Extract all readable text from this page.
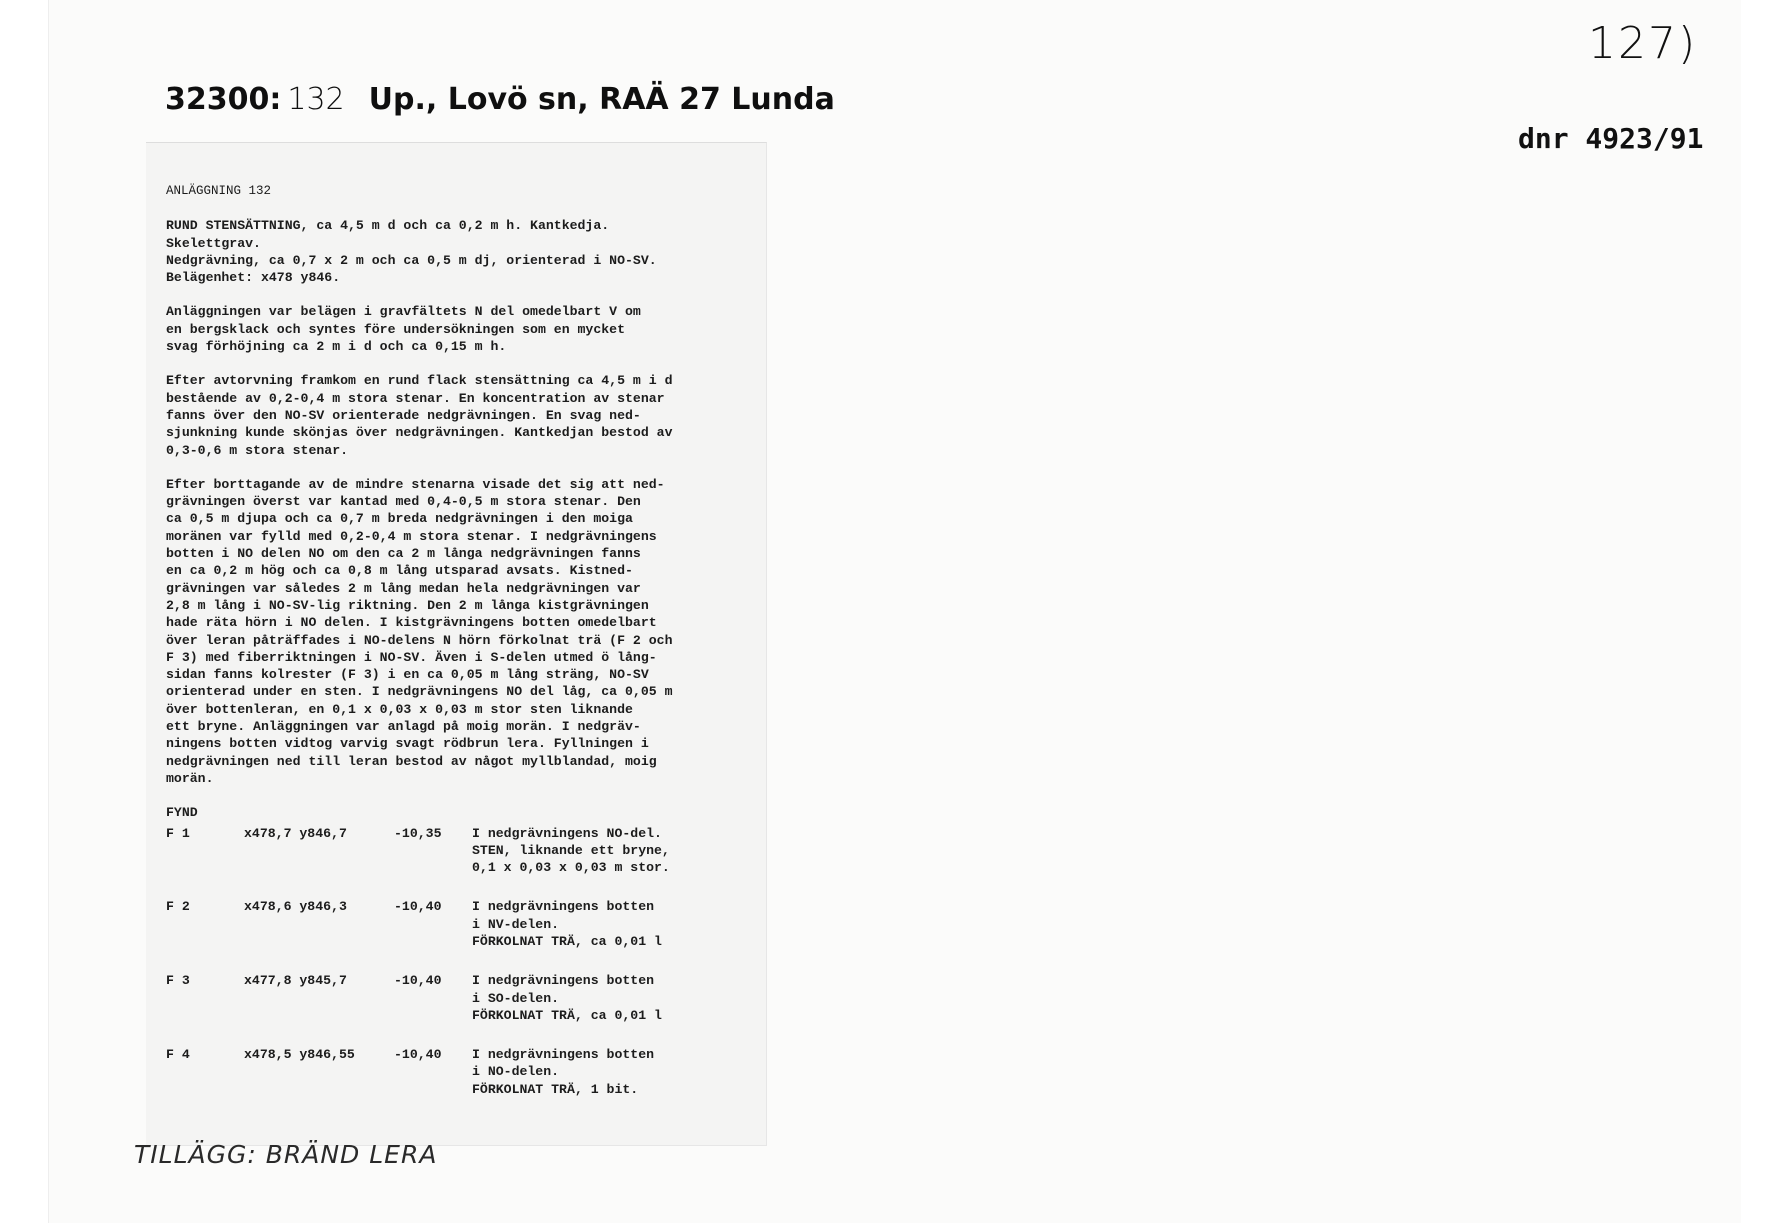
127)
32300: 132 Up., Lovö sn, RAÄ 27 Lunda
dnr 4923/91

ANLÄGGNING 132

RUND STENSÄTTNING, ca 4,5 m d och ca 0,2 m h. Kantkedja.
Skelettgrav.
Nedgrävning, ca 0,7 x 2 m och ca 0,5 m dj, orienterad i NO-SV.
Belägenhet: x478 y846.

Anläggningen var belägen i gravfältets N del omedelbart V om
en bergsklack och syntes före undersökningen som en mycket
svag förhöjning ca 2 m i d och ca 0,15 m h.

Efter avtorvning framkom en rund flack stensättning ca 4,5 m i d
bestående av 0,2-0,4 m stora stenar. En koncentration av stenar
fanns över den NO-SV orienterade nedgrävningen. En svag ned-
sjunkning kunde skönjas över nedgrävningen. Kantkedjan bestod av
0,3-0,6 m stora stenar.

Efter borttagande av de mindre stenarna visade det sig att ned-
grävningen överst var kantad med 0,4-0,5 m stora stenar. Den
ca 0,5 m djupa och ca 0,7 m breda nedgrävningen i den moiga
moränen var fylld med 0,2-0,4 m stora stenar. I nedgrävningens
botten i NO delen NO om den ca 2 m långa nedgrävningen fanns
en ca 0,2 m hög och ca 0,8 m lång utsparad avsats. Kistned-
grävningen var således 2 m lång medan hela nedgrävningen var
2,8 m lång i NO-SV-lig riktning. Den 2 m långa kistgrävningen
hade räta hörn i NO delen. I kistgrävningens botten omedelbart
över leran påträffades i NO-delens N hörn förkolnat trä (F 2 och
F 3) med fiberriktningen i NO-SV. Även i S-delen utmed ö lång-
sidan fanns kolrester (F 3) i en ca 0,05 m lång sträng, NO-SV
orienterad under en sten. I nedgrävningens NO del låg, ca 0,05 m
över bottenleran, en 0,1 x 0,03 x 0,03 m stor sten liknande
ett bryne. Anläggningen var anlagd på moig morän. I nedgräv-
ningens botten vidtog varvig svagt rödbrun lera. Fyllningen i
nedgrävningen ned till leran bestod av något myllblandad, moig
morän.

FYND

F 1	x478,7 y846,7	-10,35	I nedgrävningens NO-del.
STEN, liknande ett bryne,
0,1 x 0,03 x 0,03 m stor.
F 2	x478,6 y846,3	-10,40	I nedgrävningens botten
i NV-delen.
FÖRKOLNAT TRÄ, ca 0,01 l
F 3	x477,8 y845,7	-10,40	I nedgrävningens botten
i SO-delen.
FÖRKOLNAT TRÄ, ca 0,01 l
F 4	x478,5 y846,55	-10,40	I nedgrävningens botten
i NO-delen.
FÖRKOLNAT TRÄ, 1 bit.
TILLÄGG: BRÄND LERA
